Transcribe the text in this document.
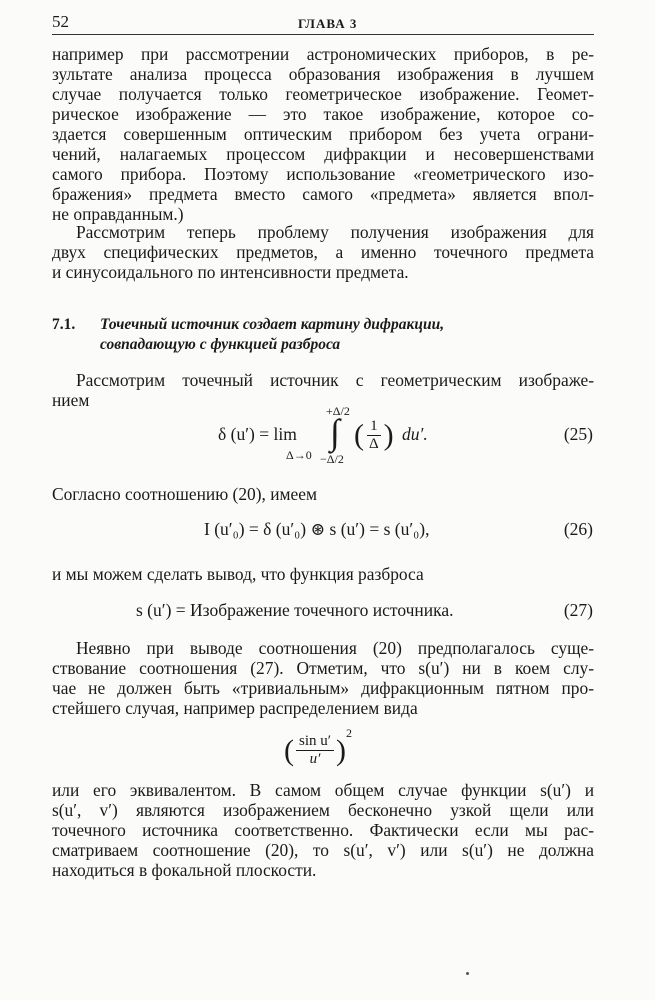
52	ГЛАВА 3
например при рассмотрении астрономических приборов, в ре-
зультате анализа процесса образования изображения в лучшем
случае получается только геометрическое изображение. Геомет-
рическое изображение — это такое изображение, которое со-
здается совершенным оптическим прибором без учета ограни-
чений, налагаемых процессом дифракции и несовершенствами
самого прибора. Поэтому использование «геометрического изо-
бражения» предмета вместо самого «предмета» является впол-
не оправданным.)
Рассмотрим теперь проблему получения изображения для
двух специфических предметов, а именно точечного предмета
и синусоидального по интенсивности предмета.
7.1. Точечный источник создает картину дифракции,
совпадающую с функцией разброса
Рассмотрим точечный источник с геометрическим изображе-
нием
δ (u′) = lim
Δ→0
+Δ/2
∫
−Δ/2
( $\frac{1}{\Delta}$ ) du′.	(25)
Согласно соотношению (20), имеем
I (u′₀) = δ (u′₀) ⊛ s (u′) = s (u′₀),	(26)
и мы можем сделать вывод, что функция разброса
s (u′) = Изображение точечного источника.	(27)
Неявно при выводе соотношения (20) предполагалось суще-
ствование соотношения (27). Отметим, что s(u′) ни в коем слу-
чае не должен быть «тривиальным» дифракционным пятном про-
стейшего случая, например распределением вида
( $\frac{\text{sin u′}}{u'} )^2$
или его эквивалентом. В самом общем случае функции s(u′) и
s(u′, v′) являются изображением бесконечно узкой щели или
точечного источника соответственно. Фактически если мы рас-
сматриваем соотношение (20), то s(u′, v′) или s(u′) не должна
находиться в фокальной плоскости.
